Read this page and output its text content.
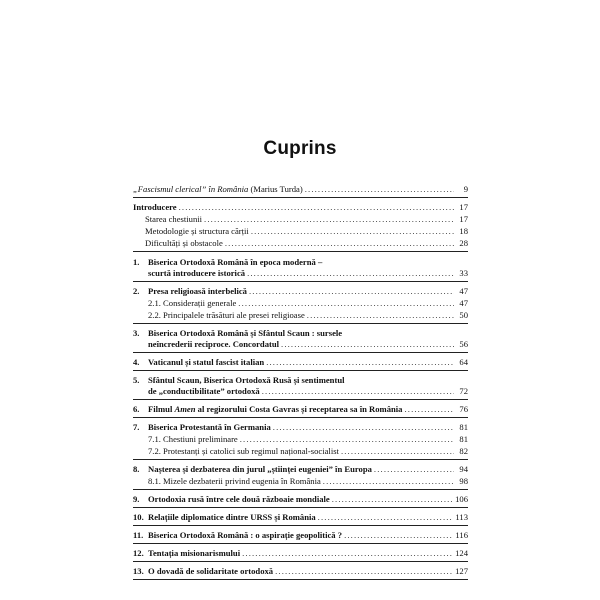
Cuprins
„Fascismul clerical” în România (Marius Turda) . . .	9
Introducere . . .	17
Starea chestiunii . . .	17
Metodologie și structura cărții . . .	18
Dificultăți și obstacole . . .	28
1. Biserica Ortodoxă Română în epoca modernă –
scurtă introducere istorică . . .	33
2. Presa religioasă interbelică . . .	47
2.1. Considerații generale . . .	47
2.2. Principalele trăsături ale presei religioase . . .	50
3. Biserica Ortodoxă Română și Sfântul Scaun : sursele
neîncrederii reciproce. Concordatul . . .	56
4. Vaticanul și statul fascist italian . . .	64
5. Sfântul Scaun, Biserica Ortodoxă Rusă și sentimentul
de „conductibilitate” ortodoxă . . .	72
6. Filmul Amen al regizorului Costa Gavras și receptarea sa în România . . .	76
7. Biserica Protestantă în Germania . . .	81
7.1. Chestiuni preliminare . . .	81
7.2. Protestanți și catolici sub regimul național-socialist . . .	82
8. Nașterea și dezbaterea din jurul „științei eugeniei” în Europa . . .	94
8.1. Mizele dezbaterii privind eugenia în România . . .	98
9. Ortodoxia rusă între cele două războaie mondiale . . .	106
10. Relațiile diplomatice dintre URSS și România . . .	113
11. Biserica Ortodoxă Română : o aspirație geopolitică ? . . .	116
12. Tentația misionarismului . . .	124
13. O dovadă de solidaritate ortodoxă . . .	127
